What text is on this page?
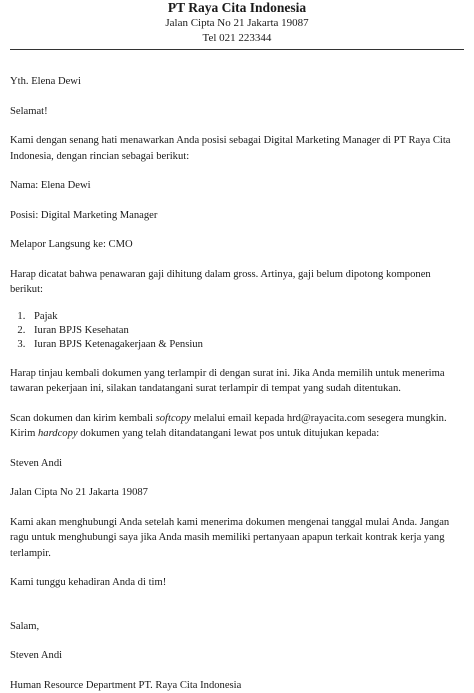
PT Raya Cita Indonesia
Jalan Cipta No 21 Jakarta 19087
Tel 021 223344

Yth. Elena Dewi

Selamat!

Kami dengan senang hati menawarkan Anda posisi sebagai Digital Marketing Manager di PT Raya Cita Indonesia, dengan rincian sebagai berikut:

Nama: Elena Dewi

Posisi: Digital Marketing Manager

Melapor Langsung ke: CMO

Harap dicatat bahwa penawaran gaji dihitung dalam gross. Artinya, gaji belum dipotong komponen berikut:

1. Pajak
2. Iuran BPJS Kesehatan
3. Iuran BPJS Ketenagakerjaan & Pensiun

Harap tinjau kembali dokumen yang terlampir di dengan surat ini. Jika Anda memilih untuk menerima tawaran pekerjaan ini, silakan tandatangani surat terlampir di tempat yang sudah ditentukan.

Scan dokumen dan kirim kembali softcopy melalui email kepada hrd@rayacita.com sesegera mungkin. Kirim hardcopy dokumen yang telah ditandatangani lewat pos untuk ditujukan kepada:

Steven Andi

Jalan Cipta No 21 Jakarta 19087

Kami akan menghubungi Anda setelah kami menerima dokumen mengenai tanggal mulai Anda. Jangan ragu untuk menghubungi saya jika Anda masih memiliki pertanyaan apapun terkait kontrak kerja yang terlampir.

Kami tunggu kehadiran Anda di tim!

Salam,

Steven Andi

Human Resource Department PT. Raya Cita Indonesia
